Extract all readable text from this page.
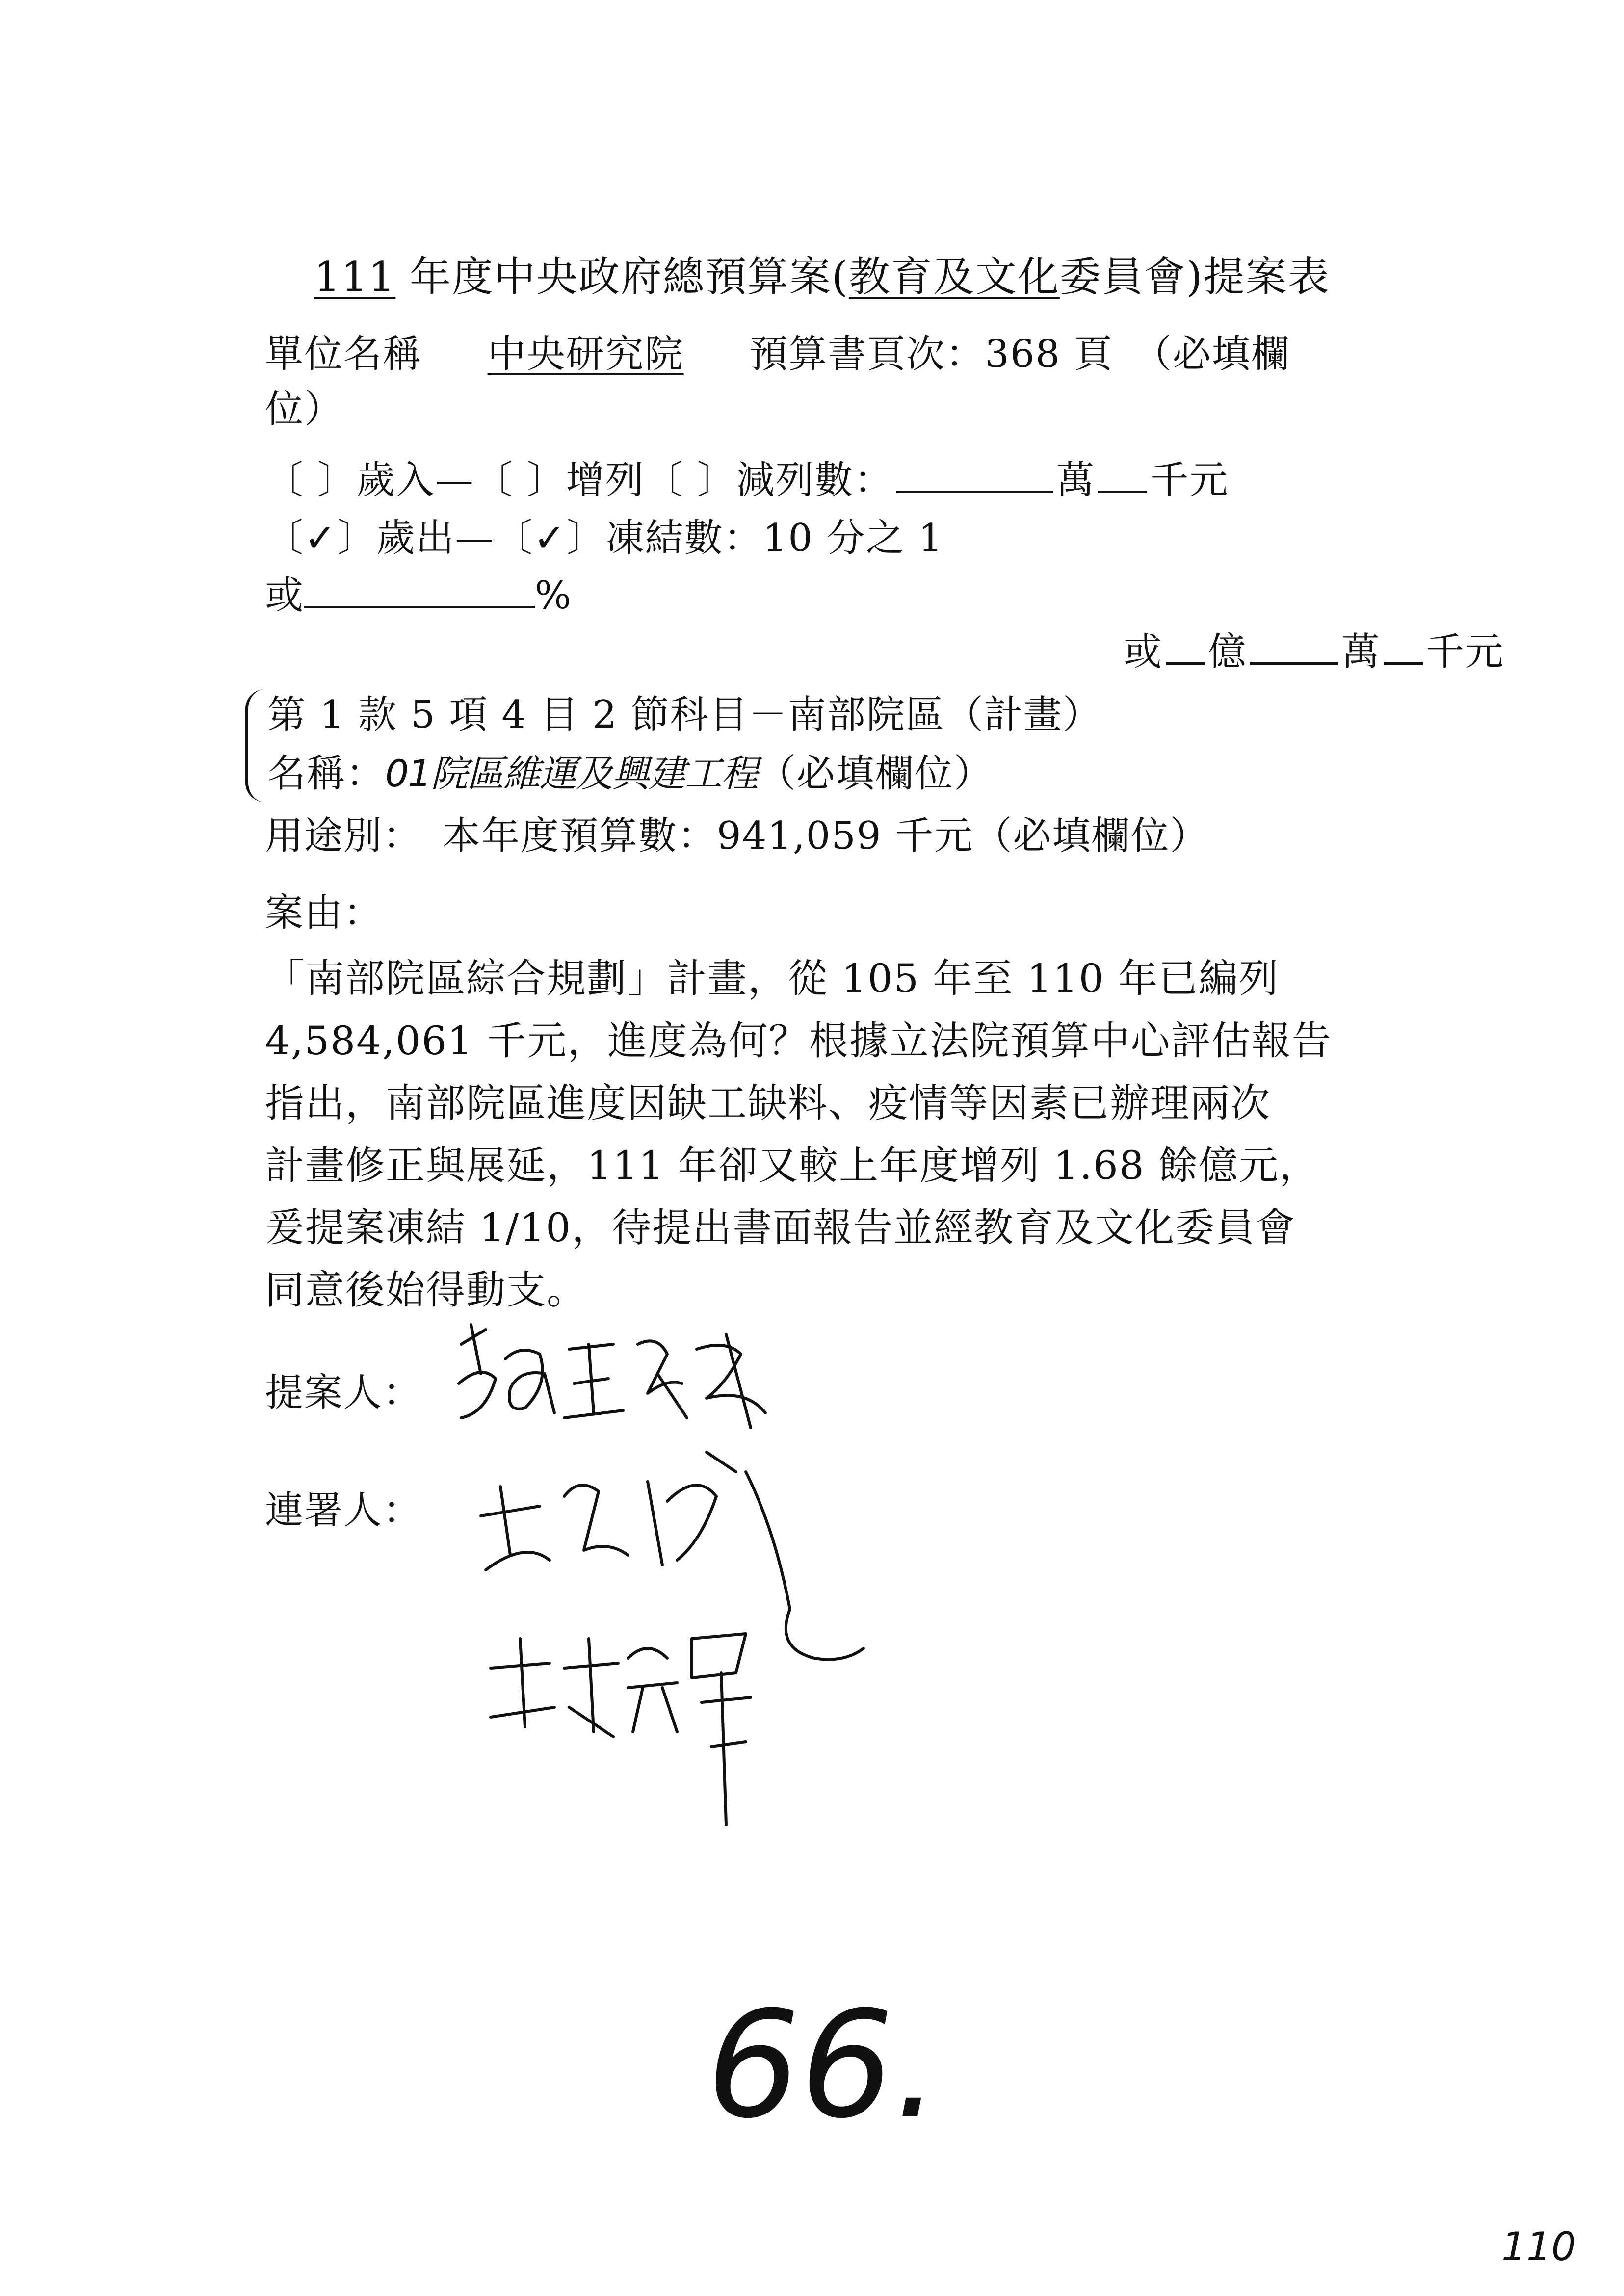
111 年度中央政府總預算案(教育及文化委員會)提案表
單位名稱 中央研究院 預算書頁次：368 頁　（必填欄
位）
〔 〕歲入—〔 〕增列〔 〕減列數：	萬 千元
〔✓〕歲出—〔✓〕凍結數：10 分之 1
或	%
或 億 萬 千元
第 1 款 5 項 4 目 2 節科目－南部院區（計畫）
名稱：01院區維運及興建工程（必填欄位）
用途別：　本年度預算數：941,059 千元（必填欄位）
案由：
「南部院區綜合規劃」計畫，從 105 年至 110 年已編列
4,584,061 千元，進度為何？根據立法院預算中心評估報告
指出，南部院區進度因缺工缺料、疫情等因素已辦理兩次
計畫修正與展延，111 年卻又較上年度增列 1.68 餘億元，
爰提案凍結 1/10，待提出書面報告並經教育及文化委員會
同意後始得動支。
提案人：
連署人：
66.
110
